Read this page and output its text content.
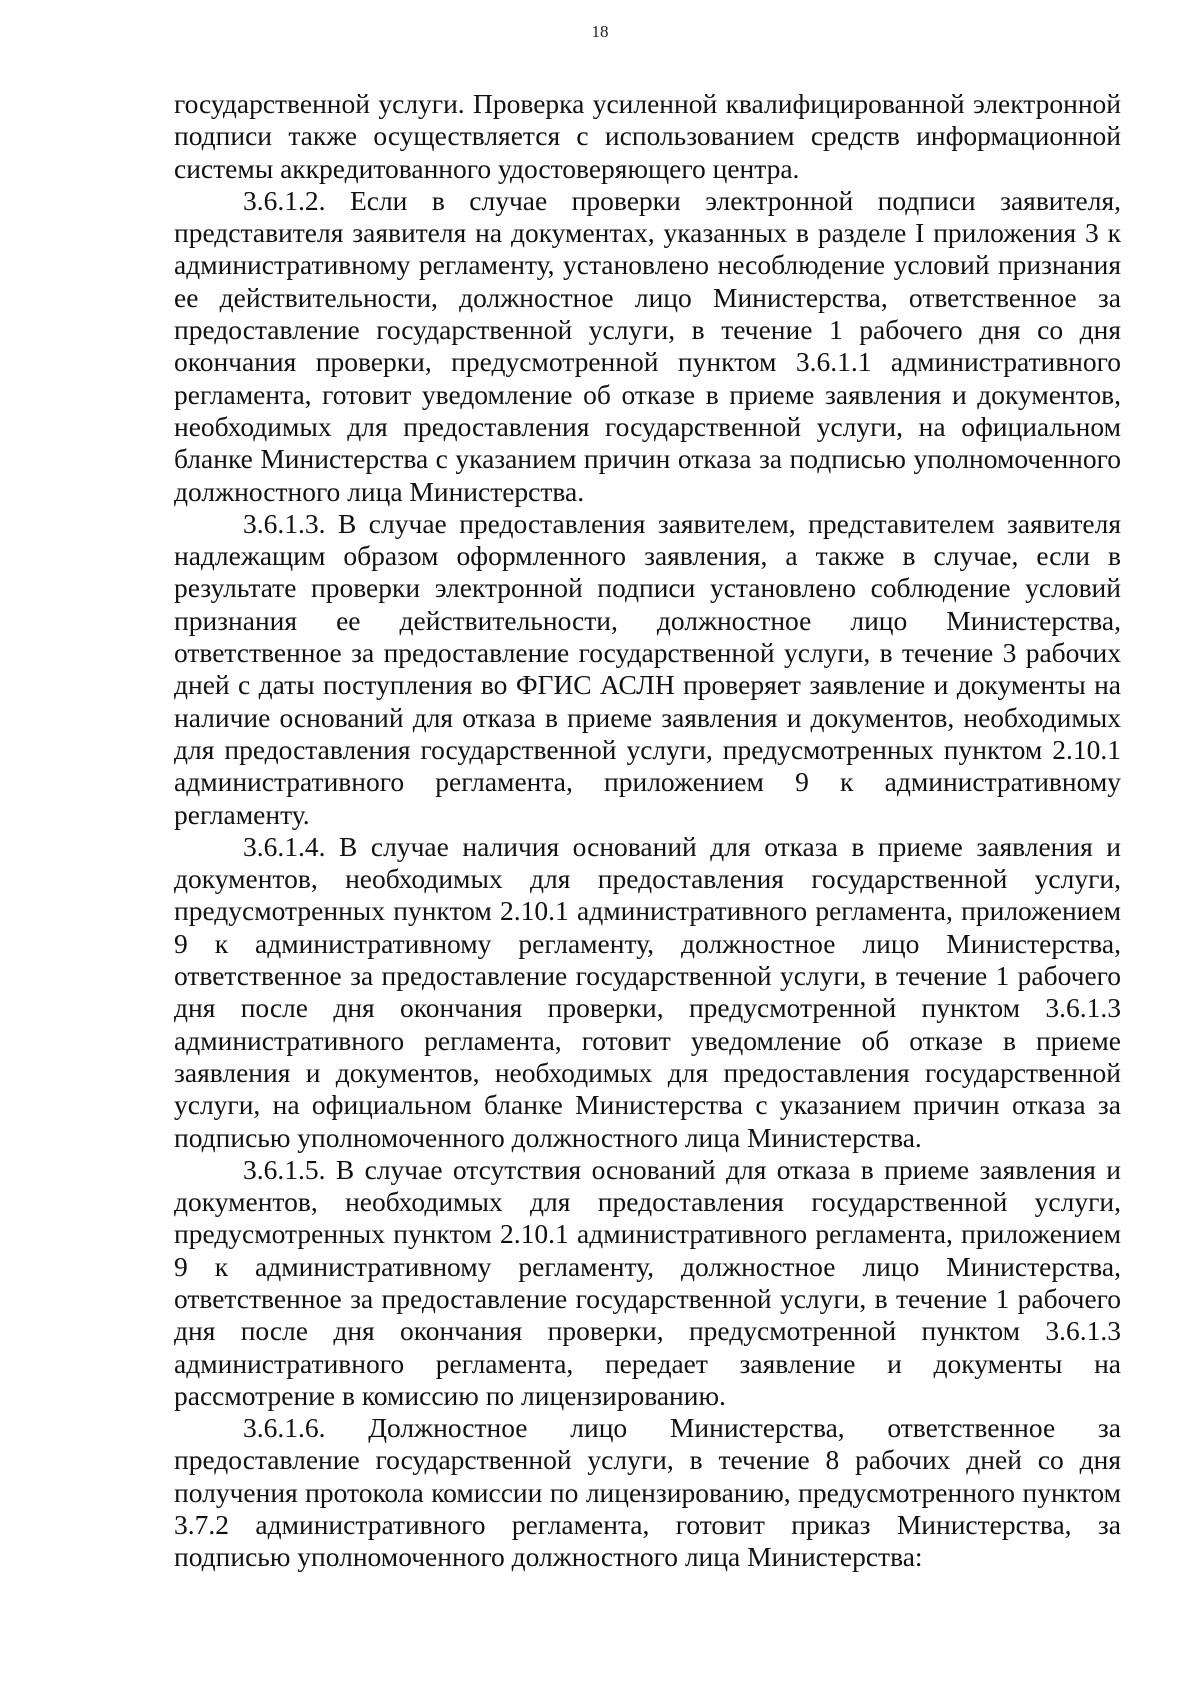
18

государственной услуги. Проверка усиленной квалифицированной электронной подписи также осуществляется с использованием средств информационной системы аккредитованного удостоверяющего центра.

3.6.1.2. Если в случае проверки электронной подписи заявителя, представителя заявителя на документах, указанных в разделе I приложения 3 к административному регламенту, установлено несоблюдение условий признания ее действительности, должностное лицо Министерства, ответственное за предоставление государственной услуги, в течение 1 рабочего дня со дня окончания проверки, предусмотренной пунктом 3.6.1.1 административного регламента, готовит уведомление об отказе в приеме заявления и документов, необходимых для предоставления государственной услуги, на официальном бланке Министерства с указанием причин отказа за подписью уполномоченного должностного лица Министерства.

3.6.1.3. В случае предоставления заявителем, представителем заявителя надлежащим образом оформленного заявления, а также в случае, если в результате проверки электронной подписи установлено соблюдение условий признания ее действительности, должностное лицо Министерства, ответственное за предоставление государственной услуги, в течение 3 рабочих дней с даты поступления во ФГИС АСЛН проверяет заявление и документы на наличие оснований для отказа в приеме заявления и документов, необходимых для предоставления государственной услуги, предусмотренных пунктом 2.10.1 административного регламента, приложением 9 к административному регламенту.

3.6.1.4. В случае наличия оснований для отказа в приеме заявления и документов, необходимых для предоставления государственной услуги, предусмотренных пунктом 2.10.1 административного регламента, приложением 9 к административному регламенту, должностное лицо Министерства, ответственное за предоставление государственной услуги, в течение 1 рабочего дня после дня окончания проверки, предусмотренной пунктом 3.6.1.3 административного регламента, готовит уведомление об отказе в приеме заявления и документов, необходимых для предоставления государственной услуги, на официальном бланке Министерства с указанием причин отказа за подписью уполномоченного должностного лица Министерства.

3.6.1.5. В случае отсутствия оснований для отказа в приеме заявления и документов, необходимых для предоставления государственной услуги, предусмотренных пунктом 2.10.1 административного регламента, приложением 9 к административному регламенту, должностное лицо Министерства, ответственное за предоставление государственной услуги, в течение 1 рабочего дня после дня окончания проверки, предусмотренной пунктом 3.6.1.3 административного регламента, передает заявление и документы на рассмотрение в комиссию по лицензированию.

3.6.1.6. Должностное лицо Министерства, ответственное за предоставление государственной услуги, в течение 8 рабочих дней со дня получения протокола комиссии по лицензированию, предусмотренного пунктом 3.7.2 административного регламента, готовит приказ Министерства, за подписью уполномоченного должностного лица Министерства:
